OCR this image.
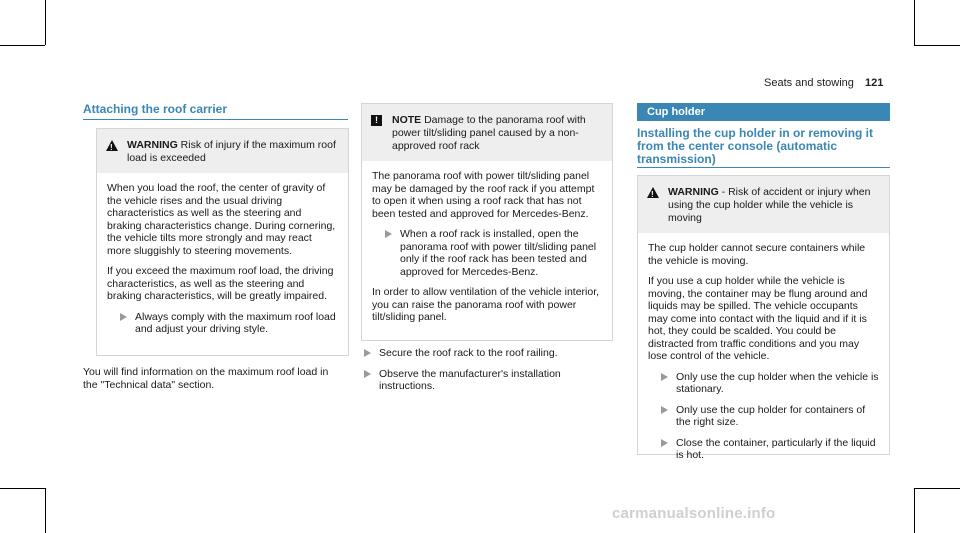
Seats and stowing 121
Attaching the roof carrier
!
WARNING Risk of injury if the maximum roof load is exceeded

When you load the roof, the center of gravity of the vehicle rises and the usual driving characteristics as well as the steering and braking characteristics change. During cornering, the vehicle tilts more strongly and may react more sluggishly to steering movements.

If you exceed the maximum roof load, the driving characteristics, as well as the steering and braking characteristics, will be greatly impaired.

Always comply with the maximum roof load and adjust your driving style.
You will find information on the maximum roof load in the "Technical data" section.
!	NOTE Damage to the panorama roof with power tilt/sliding panel caused by a non-approved roof rack

The panorama roof with power tilt/sliding panel may be damaged by the roof rack if you attempt to open it when using a roof rack that has not been tested and approved for Mercedes-Benz.

When a roof rack is installed, open the panorama roof with power tilt/sliding panel only if the roof rack has been tested and approved for Mercedes-Benz.

In order to allow ventilation of the vehicle interior, you can raise the panorama roof with power tilt/sliding panel.

Secure the roof rack to the roof railing.
Observe the manufacturer's installation instructions.
Cup holder
Installing the cup holder in or removing it from the center console (automatic transmission)
!
WARNING - Risk of accident or injury when using the cup holder while the vehicle is moving

The cup holder cannot secure containers while the vehicle is moving.

If you use a cup holder while the vehicle is moving, the container may be flung around and liquids may be spilled. The vehicle occupants may come into contact with the liquid and if it is hot, they could be scalded. You could be distracted from traffic conditions and you may lose control of the vehicle.

Only use the cup holder when the vehicle is stationary.
Only use the cup holder for containers of the right size.
Close the container, particularly if the liquid is hot.
carmanualsonline.info
